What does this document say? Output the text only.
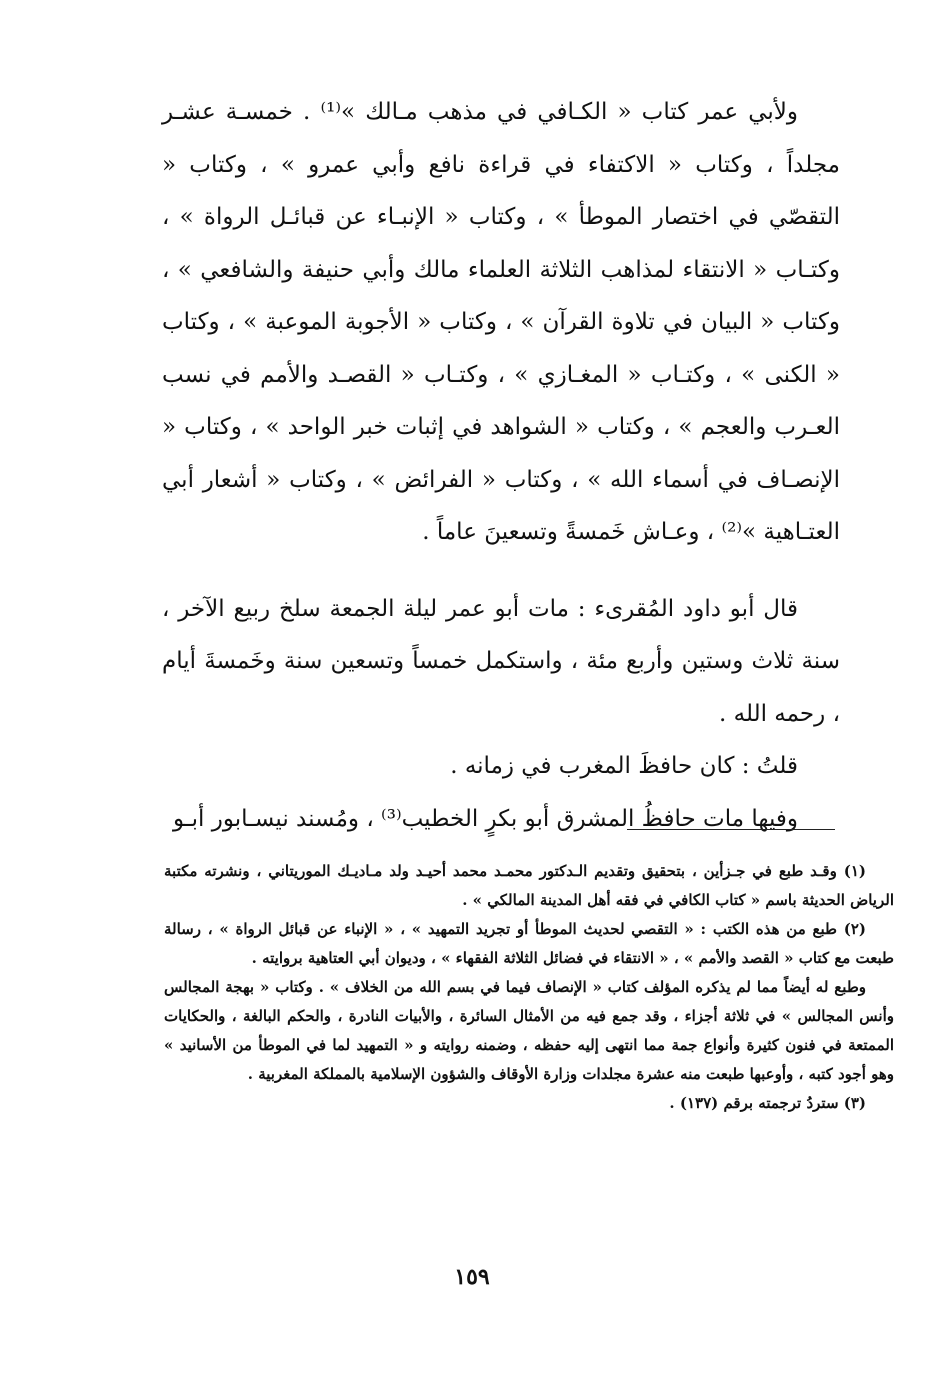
ولأبي عمر كتاب « الكـافي في مذهب مـالك »⁽¹⁾ . خمسـة عشـر مجلداً ، وكتاب « الاكتفاء في قراءة نافع وأبي عمرو » ، وكتاب « التقصّي في اختصار الموطأ » ، وكتاب « الإنبـاء عن قبائـل الرواة » ، وكتـاب « الانتقاء لمذاهب الثلاثة العلماء مالك وأبي حنيفة والشافعي » ، وكتاب « البيان في تلاوة القرآن » ، وكتاب « الأجوبة الموعبة » ، وكتاب « الكنى » ، وكتـاب « المغـازي » ، وكتـاب « القصـد والأمم في نسب العـرب والعجم » ، وكتاب « الشواهد في إثبات خبر الواحد » ، وكتاب « الإنصـاف في أسماء الله » ، وكتاب « الفرائض » ، وكتاب « أشعار أبي العتـاهية »⁽²⁾ ، وعـاش خَمسةً وتسعينَ عاماً .

قال أبو داود المُقرىء : مات أبو عمر ليلة الجمعة سلخ ربيع الآخر ، سنة ثلاث وستين وأربع مئة ، واستكمل خمساً وتسعين سنة وخَمسةَ أيام ، رحمه الله .

قلتُ : كان حافظَ المغرب في زمانه .

وفيها مات حافظُ المشرق أبو بكرٍ الخطيب⁽³⁾ ، ومُسند نيسـابور أبـو

(١) وقـد طبع في جـزأين ، بتحقيق وتقديم الـدكتور محمـد محمد أحيـد ولد مـاديـك الموريتاني ، ونشرته مكتبة الرياض الحديثة باسم « كتاب الكافي في فقه أهل المدينة المالكي » .

(٢) طبع من هذه الكتب : « التقصي لحديث الموطأ أو تجريد التمهيد » ، « الإنباء عن قبائل الرواة » ، رسالة طبعت مع كتاب « القصد والأمم » ، « الانتقاء في فضائل الثلاثة الفقهاء » ، وديوان أبي العتاهية بروايته .

وطبع له أيضاً مما لم يذكره المؤلف كتاب « الإنصاف فيما في بسم الله من الخلاف » . وكتاب « بهجة المجالس وأنس المجالس » في ثلاثة أجزاء ، وقد جمع فيه من الأمثال السائرة ، والأبيات النادرة ، والحكم البالغة ، والحكايات الممتعة في فنون كثيرة وأنواع جمة مما انتهى إليه حفظه ، وضمنه روايته و « التمهيد لما في الموطأ من الأسانيد » وهو أجود كتبه ، وأوعبها طبعت منه عشرة مجلدات وزارة الأوقاف والشؤون الإسلامية بالمملكة المغربية .

(٣) ستردُ ترجمته برقم (١٣٧) .

١٥٩
